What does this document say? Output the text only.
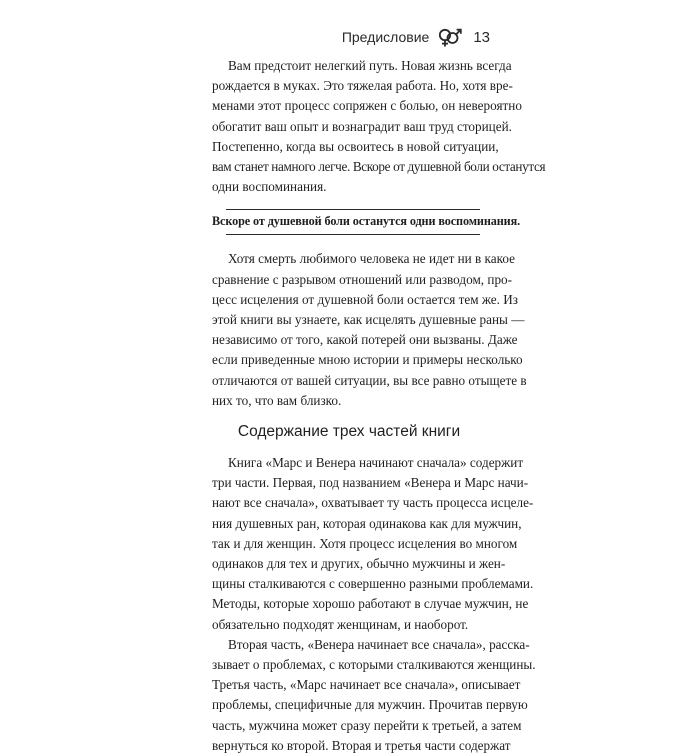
Предисловие	13

Вам предстоит нелегкий путь. Новая жизнь всегда
рождается в муках. Это тяжелая работа. Но, хотя вре-
менами этот процесс сопряжен с болью, он невероятно
обогатит ваш опыт и вознаградит ваш труд сторицей.
Постепенно, когда вы освоитесь в новой ситуации,
вам станет намного легче. Вскоре от душевной боли останутся
одни воспоминания.

Вскоре от душевной боли останутся одни воспоминания.

Хотя смерть любимого человека не идет ни в какое
сравнение с разрывом отношений или разводом, про-
цесс исцеления от душевной боли остается тем же. Из
этой книги вы узнаете, как исцелять душевные раны —
независимо от того, какой потерей они вызваны. Даже
если приведенные мною истории и примеры несколько
отличаются от вашей ситуации, вы все равно отыщете в
них то, что вам близко.

Содержание трех частей книги

Книга «Марс и Венера начинают сначала» содержит
три части. Первая, под названием «Венера и Марс начи-
нают все сначала», охватывает ту часть процесса исцеле-
ния душевных ран, которая одинакова как для мужчин,
так и для женщин. Хотя процесс исцеления во многом
одинаков для тех и других, обычно мужчины и жен-
щины сталкиваются с совершенно разными проблемами.
Методы, которые хорошо работают в случае мужчин, не
обязательно подходят женщинам, и наоборот.

Вторая часть, «Венера начинает все сначала», расска-
зывает о проблемах, с которыми сталкиваются женщины.
Третья часть, «Марс начинает все сначала», описывает
проблемы, специфичные для мужчин. Прочитав первую
часть, мужчина может сразу перейти к третьей, а затем
вернуться ко второй. Вторая и третья части содержат
